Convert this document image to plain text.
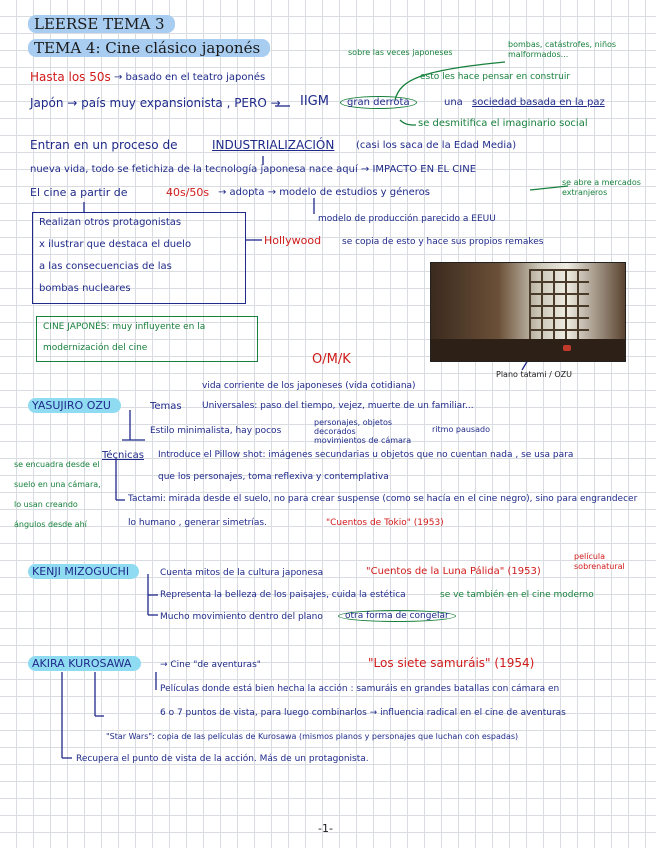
LEERSE TEMA 3
TEMA 4: Cine clásico japonés
Hasta los 50s → basado en el teatro japonés
sobre las veces japoneses
bombas, catástrofes, niños malformados...
Japón → país muy expansionista , PERO → IIGM	gran derrota	una sociedad basada en la paz
esto les hace pensar en construir
se desmitifica el imaginario social
Entran en un proceso de	INDUSTRIALIZACIÓN (casi los saca de la Edad Media)
nueva vida, todo se fetichiza de la tecnología japonesa nace aquí → IMPACTO EN EL CINE
El cine a partir de	40s/50s → adopta → modelo de estudios y géneros
se abre a mercados extranjeros
modelo de producción parecido a EEUU
Realizan otros protagonistas
x ilustrar que destaca el duelo
a las consecuencias de las
bombas nucleares
Hollywood se copia de esto y hace sus propios remakes
CINE JAPONÉS: muy influyente en la
modernización del cine
O/M/K
Plano tatami / OZU
YASUJIRO OZU	Temas
vida corriente de los japoneses (vida cotidiana)
Universales: paso del tiempo, vejez, muerte de un familiar...
Estilo minimalista, hay pocos
personajes, objetos
decorados
movimientos de cámara
ritmo pausado
Técnicas Introduce el Pillow shot: imágenes secundarias u objetos que no cuentan nada , se usa para
que los personajes, toma reflexiva y contemplativa
Tactami: mirada desde el suelo, no para crear suspense (como se hacía en el cine negro), sino para engrandecer
lo humano , generar simetrías.	"Cuentos de Tokio" (1953)
se encuadra desde el
suelo en una cámara,
lo usan creando
ángulos desde ahí
KENJI MIZOGUCHI	Cuenta mitos de la cultura japonesa	"Cuentos de la Luna Pálida" (1953)
película sobrenatural
Representa la belleza de los paisajes, cuida la estética	se ve también en el cine moderno
Mucho movimiento dentro del plano	otra forma de congelar
AKIRA KUROSAWA	→ Cine "de aventuras"	"Los siete samuráis" (1954)
Películas donde está bien hecha la acción : samuráis en grandes batallas con cámara en
6 o 7 puntos de vista, para luego combinarlos → influencia radical en el cine de aventuras
"Star Wars": copia de las películas de Kurosawa (mismos planos y personajes que luchan con espadas)
Recupera el punto de vista de la acción. Más de un protagonista.
-1-
